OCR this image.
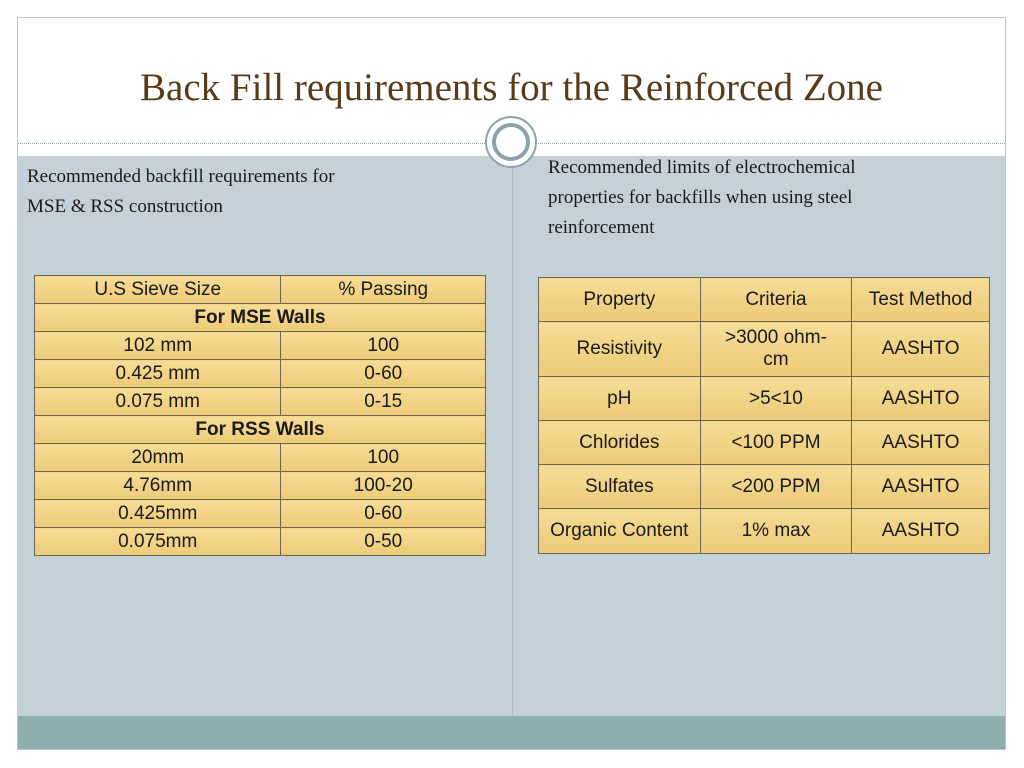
Back Fill requirements for the Reinforced Zone
Recommended backfill requirements for
MSE & RSS construction
Recommended limits of electrochemical
properties for backfills when using steel
reinforcement
U.S Sieve Size	% Passing
For MSE Walls	
102 mm	100
0.425 mm	0-60
0.075 mm	0-15
For RSS Walls	
20mm	100
4.76mm	100-20
0.425mm	0-60
0.075mm	0-50
Property	Criteria	Test Method
Resistivity	>3000 ohm-cm	AASHTO
pH	>5<10	AASHTO
Chlorides	<100 PPM	AASHTO
Sulfates	<200 PPM	AASHTO
Organic Content	1% max	AASHTO
